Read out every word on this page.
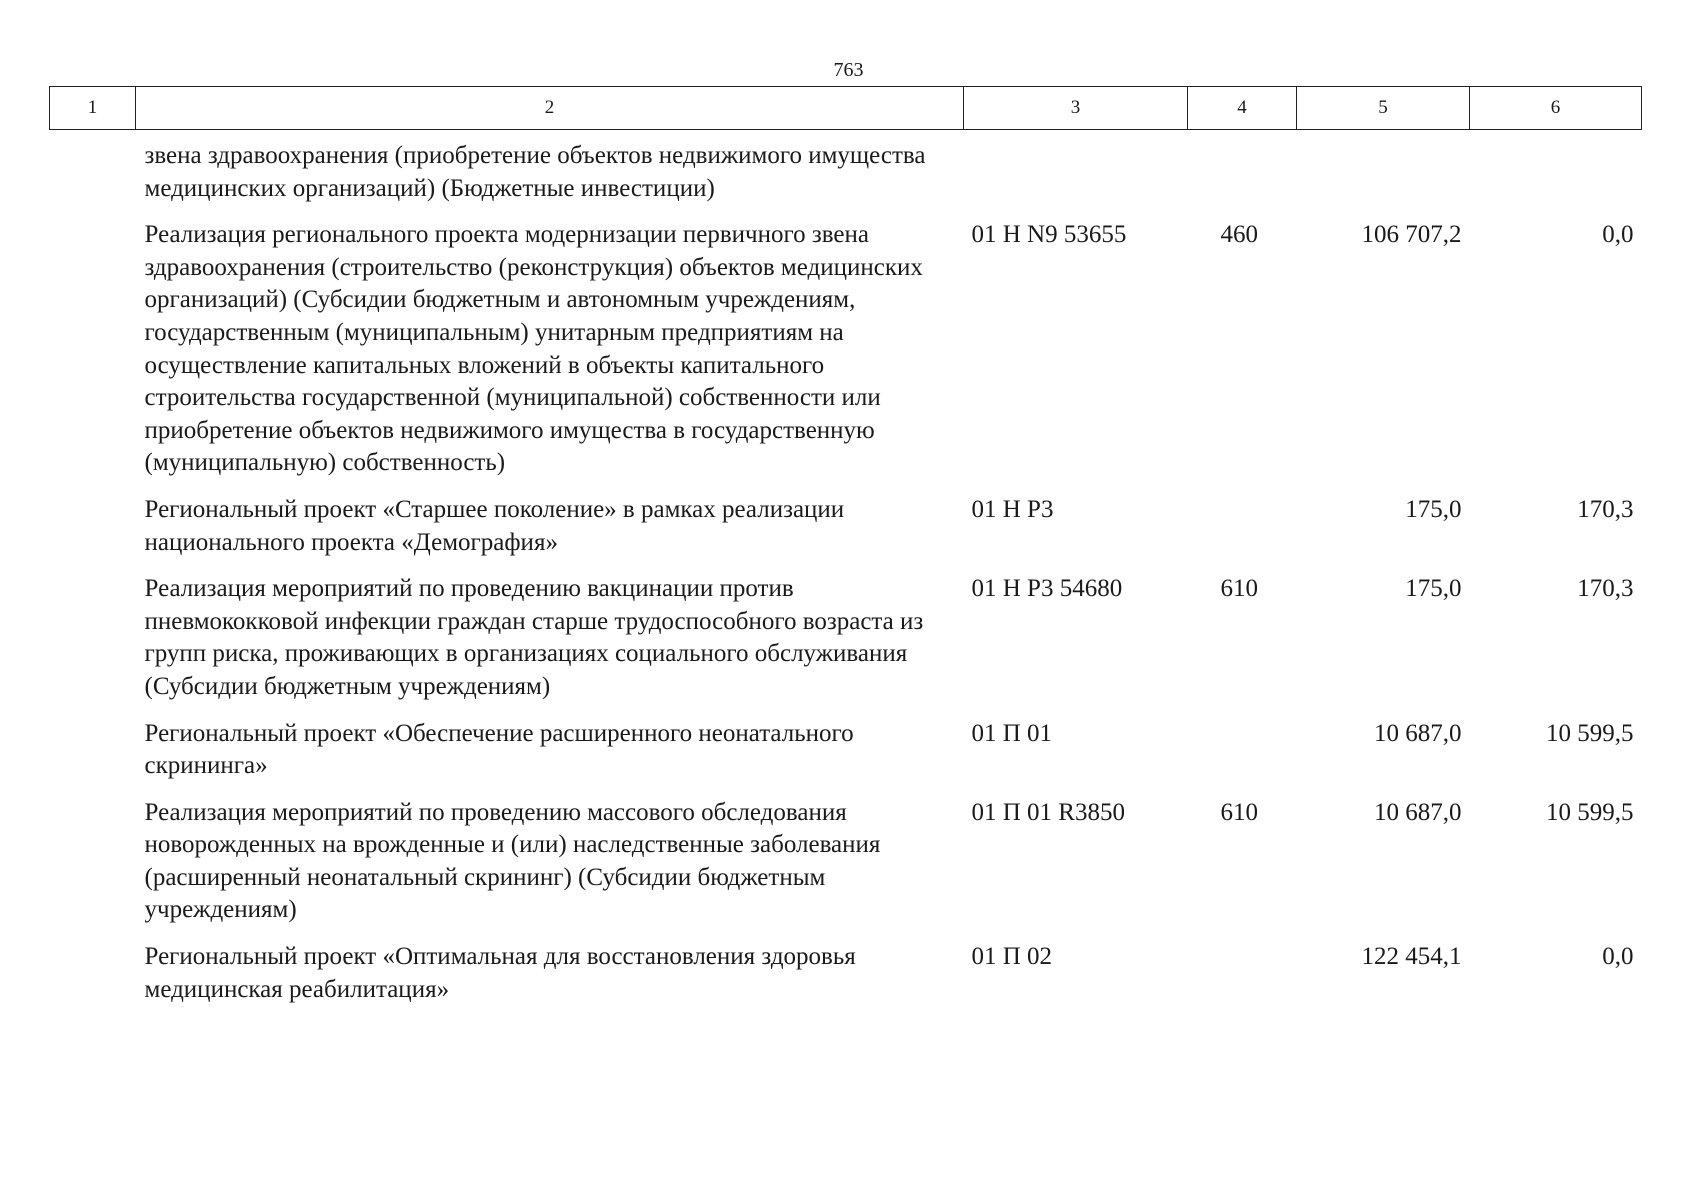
763
1	2	3	4	5	6
	звена здравоохранения (приобретение объектов недвижимого имущества медицинских организаций) (Бюджетные инвестиции)				
	Реализация регионального проекта модернизации первичного звена здравоохранения (строительство (реконструкция) объектов медицинских организаций) (Субсидии бюджетным и автономным учреждениям, государственным (муниципальным) унитарным предприятиям на осуществление капитальных вложений в объекты капитального строительства государственной (муниципальной) собственности или приобретение объектов недвижимого имущества в государственную (муниципальную) собственность)	01 Н N9 53655	460	106 707,2	0,0
	Региональный проект «Старшее поколение» в рамках реализации национального проекта «Демография»	01 Н Р3		175,0	170,3
	Реализация мероприятий по проведению вакцинации против пневмококковой инфекции граждан старше трудоспособного возраста из групп риска, проживающих в организациях социального обслуживания (Субсидии бюджетным учреждениям)	01 Н Р3 54680	610	175,0	170,3
	Региональный проект «Обеспечение расширенного неонатального скрининга»	01 П 01		10 687,0	10 599,5
	Реализация мероприятий по проведению массового обследования новорожденных на врожденные и (или) наследственные заболевания (расширенный неонатальный скрининг) (Субсидии бюджетным учреждениям)	01 П 01 R3850	610	10 687,0	10 599,5
	Региональный проект «Оптимальная для восстановления здоровья медицинская реабилитация»	01 П 02		122 454,1	0,0
